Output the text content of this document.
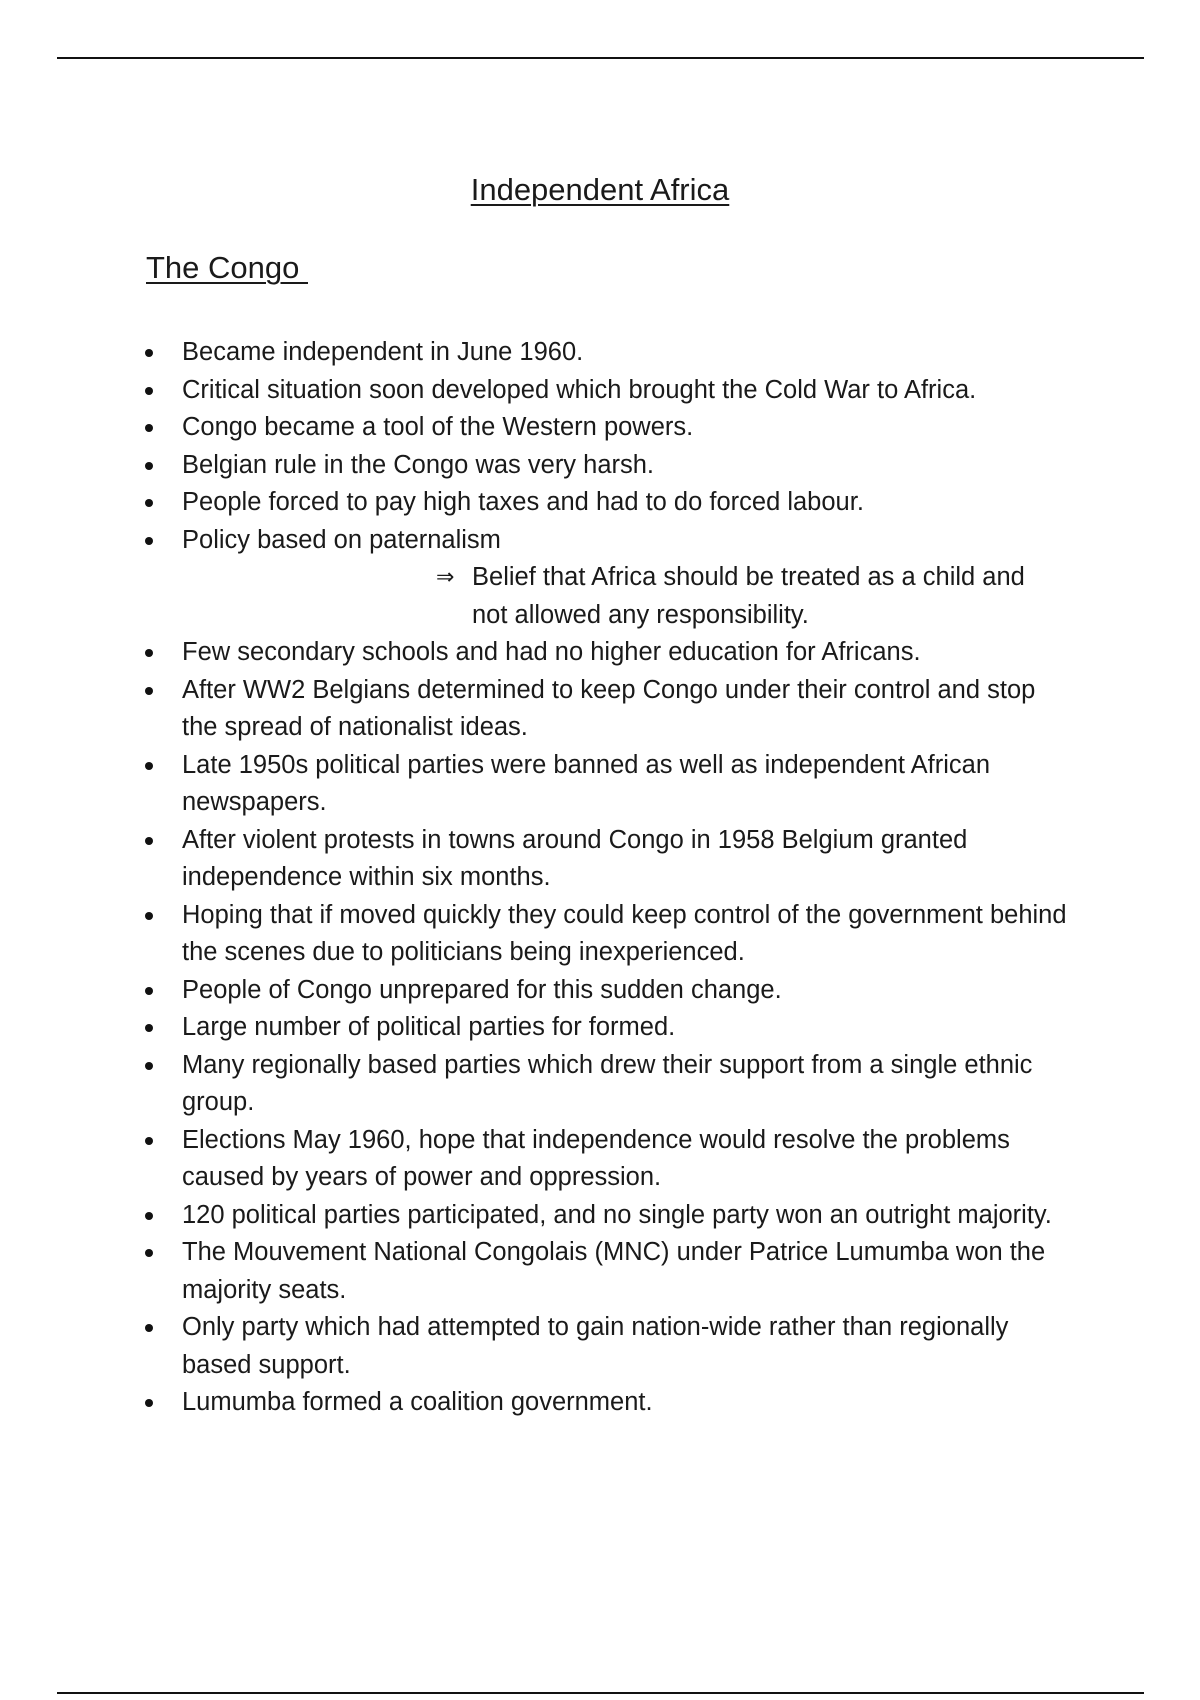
Independent Africa
The Congo
Became independent in June 1960.
Critical situation soon developed which brought the Cold War to Africa.
Congo became a tool of the Western powers.
Belgian rule in the Congo was very harsh.
People forced to pay high taxes and had to do forced labour.
Policy based on paternalism
⇒ Belief that Africa should be treated as a child and not allowed any responsibility.
Few secondary schools and had no higher education for Africans.
After WW2 Belgians determined to keep Congo under their control and stop the spread of nationalist ideas.
Late 1950s political parties were banned as well as independent African newspapers.
After violent protests in towns around Congo in 1958 Belgium granted independence within six months.
Hoping that if moved quickly they could keep control of the government behind the scenes due to politicians being inexperienced.
People of Congo unprepared for this sudden change.
Large number of political parties for formed.
Many regionally based parties which drew their support from a single ethnic group.
Elections May 1960, hope that independence would resolve the problems caused by years of power and oppression.
120 political parties participated, and no single party won an outright majority.
The Mouvement National Congolais (MNC) under Patrice Lumumba won the majority seats.
Only party which had attempted to gain nation-wide rather than regionally based support.
Lumumba formed a coalition government.
